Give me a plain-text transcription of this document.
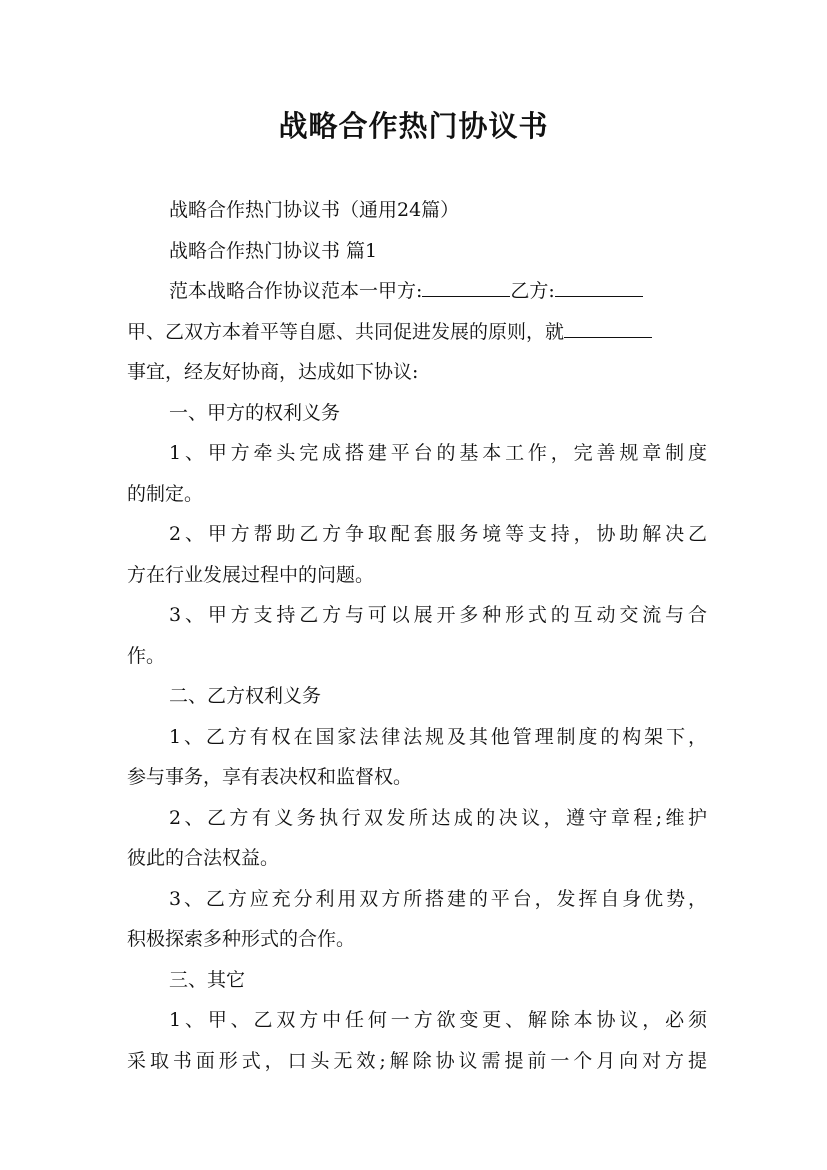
战略合作热门协议书
战略合作热门协议书（通用24篇）
战略合作热门协议书 篇1
范本战略合作协议范本一甲方:	乙方:
甲、乙双方本着平等自愿、共同促进发展的原则，就
事宜，经友好协商，达成如下协议:
一、甲方的权利义务
1、甲方牵头完成搭建平台的基本工作，完善规章制度
的制定。
2、甲方帮助乙方争取配套服务境等支持，协助解决乙
方在行业发展过程中的问题。
3、甲方支持乙方与可以展开多种形式的互动交流与合
作。
二、乙方权利义务
1、乙方有权在国家法律法规及其他管理制度的构架下，
参与事务，享有表决权和监督权。
2、乙方有义务执行双发所达成的决议，遵守章程;维护
彼此的合法权益。
3、乙方应充分利用双方所搭建的平台，发挥自身优势，
积极探索多种形式的合作。
三、其它
1、甲、乙双方中任何一方欲变更、解除本协议，必须
采取书面形式，口头无效;解除协议需提前一个月向对方提
